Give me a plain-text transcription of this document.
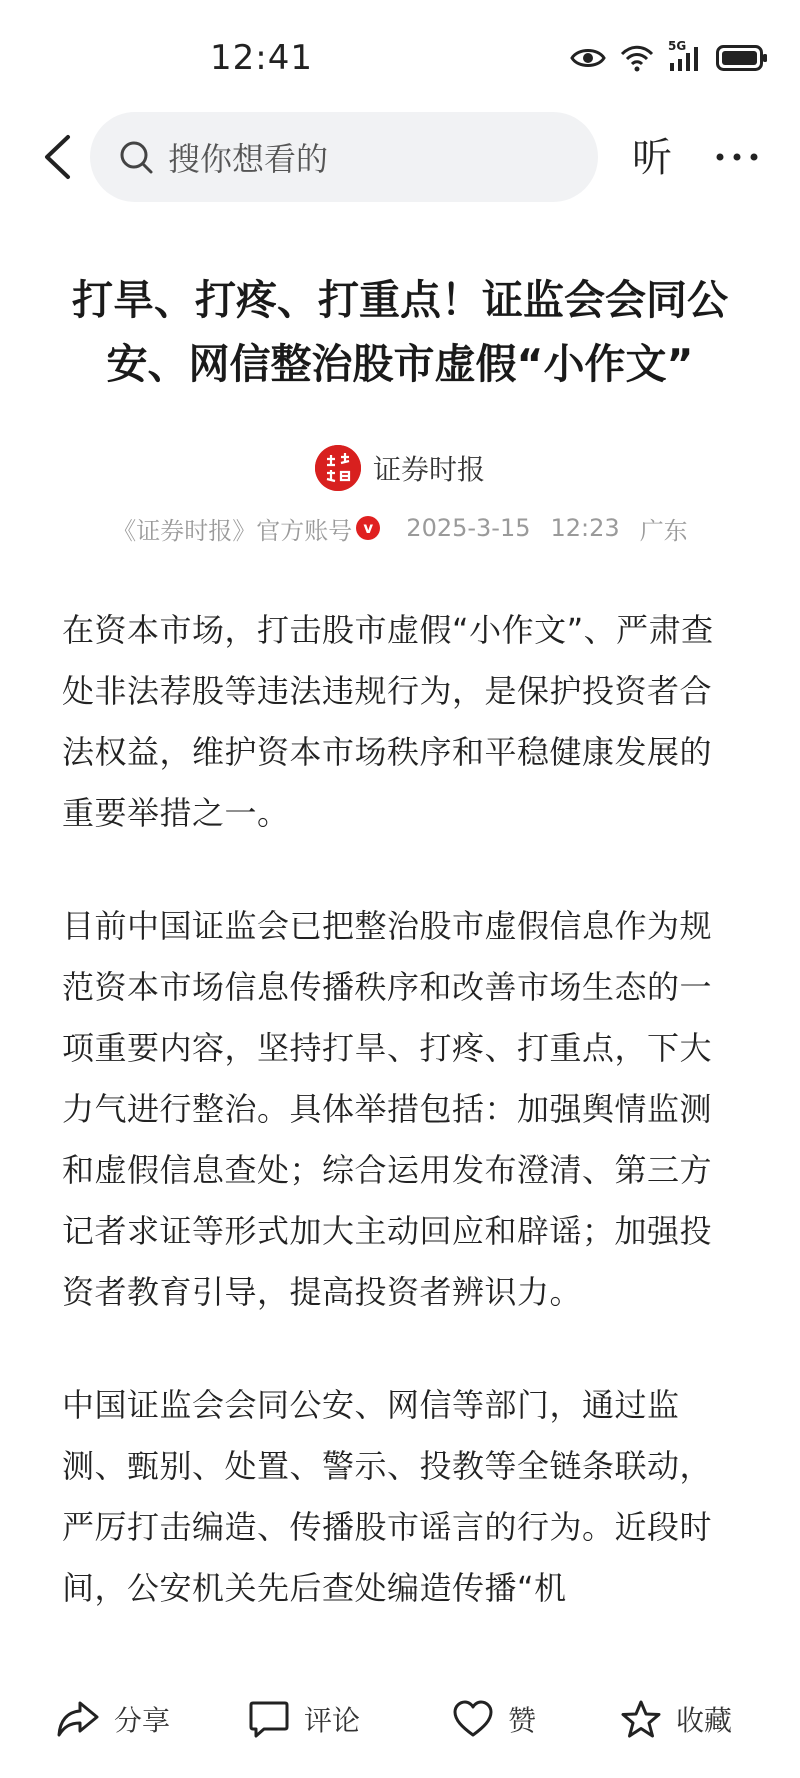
12:41	5G
搜你想看的	听
打旱、打疼、打重点！证监会会同公安、网信整治股市虚假“小作文”
证券时报
《证券时报》官方账号 v 2025-3-15 12:23 广东

在资本市场，打击股市虚假“小作文”、严肃查处非法荐股等违法违规行为，是保护投资者合法权益，维护资本市场秩序和平稳健康发展的重要举措之一。

目前中国证监会已把整治股市虚假信息作为规范资本市场信息传播秩序和改善市场生态的一项重要内容，坚持打旱、打疼、打重点，下大力气进行整治。具体举措包括：加强舆情监测和虚假信息查处；综合运用发布澄清、第三方记者求证等形式加大主动回应和辟谣；加强投资者教育引导，提高投资者辨识力。

中国证监会会同公安、网信等部门，通过监测、甄别、处置、警示、投教等全链条联动，严厉打击编造、传播股市谣言的行为。近段时间，公安机关先后查处编造传播“机

分享	评论	赞	收藏
